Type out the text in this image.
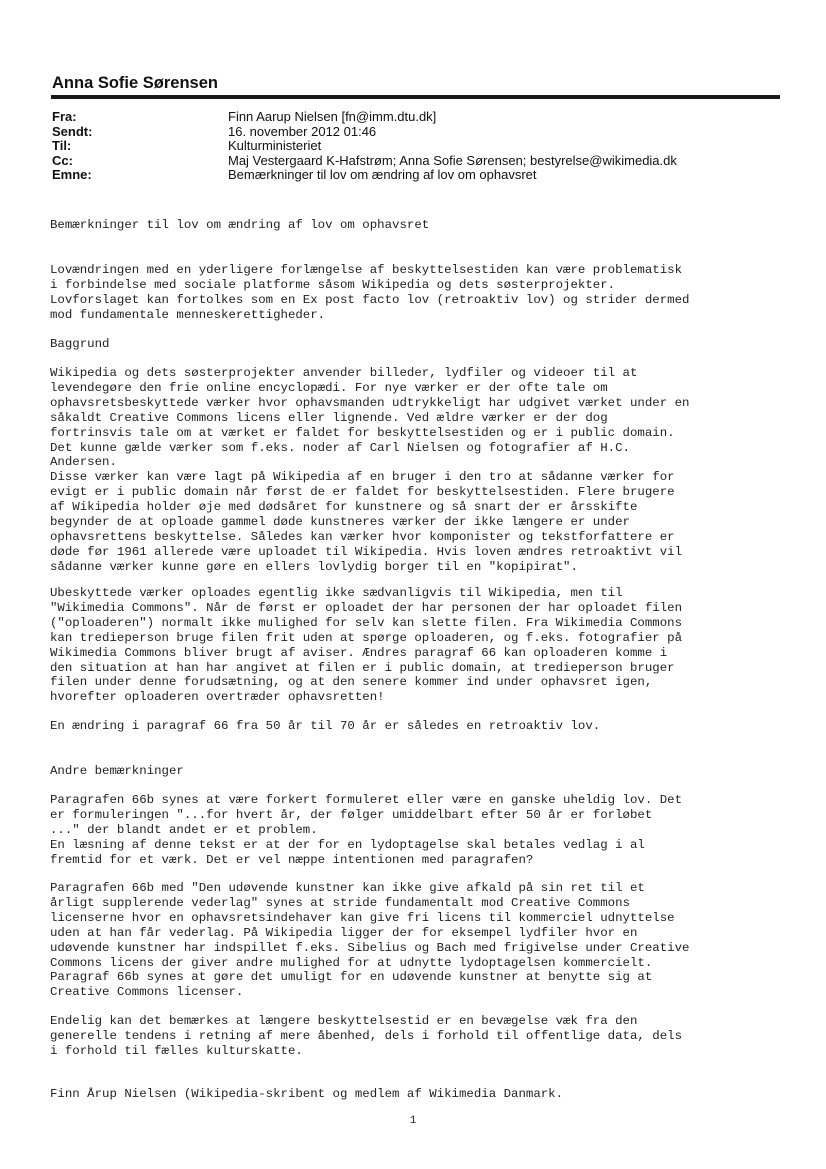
Anna Sofie Sørensen
Fra:	Finn Aarup Nielsen [fn@imm.dtu.dk]
Sendt:	16. november 2012 01:46
Til:	Kulturministeriet
Cc:	Maj Vestergaard K-Hafstrøm; Anna Sofie Sørensen; bestyrelse@wikimedia.dk
Emne:	Bemærkninger til lov om ændring af lov om ophavsret

Bemærkninger til lov om ændring af lov om ophavsret

Lovændringen med en yderligere forlængelse af beskyttelsestiden kan være problematisk
i forbindelse med sociale platforme såsom Wikipedia og dets søsterprojekter.
Lovforslaget kan fortolkes som en Ex post facto lov (retroaktiv lov) og strider dermed
mod fundamentale menneskerettigheder.

Baggrund

Wikipedia og dets søsterprojekter anvender billeder, lydfiler og videoer til at
levendegøre den frie online encyclopædi. For nye værker er der ofte tale om
ophavsretsbeskyttede værker hvor ophavsmanden udtrykkeligt har udgivet værket under en
såkaldt Creative Commons licens eller lignende. Ved ældre værker er der dog
fortrinsvis tale om at værket er faldet for beskyttelsestiden og er i public domain.
Det kunne gælde værker som f.eks. noder af Carl Nielsen og fotografier af H.C.
Andersen.
Disse værker kan være lagt på Wikipedia af en bruger i den tro at sådanne værker for
evigt er i public domain når først de er faldet for beskyttelsestiden. Flere brugere
af Wikipedia holder øje med dødsåret for kunstnere og så snart der er årsskifte
begynder de at oploade gammel døde kunstneres værker der ikke længere er under
ophavsrettens beskyttelse. Således kan værker hvor komponister og tekstforfattere er
døde før 1961 allerede være uploadet til Wikipedia. Hvis loven ændres retroaktivt vil
sådanne værker kunne gøre en ellers lovlydig borger til en "kopipirat".

Ubeskyttede værker oploades egentlig ikke sædvanligvis til Wikipedia, men til
"Wikimedia Commons". Når de først er oploadet der har personen der har oploadet filen
("oploaderen") normalt ikke mulighed for selv kan slette filen. Fra Wikimedia Commons
kan tredieperson bruge filen frit uden at spørge oploaderen, og f.eks. fotografier på
Wikimedia Commons bliver brugt af aviser. Ændres paragraf 66 kan oploaderen komme i
den situation at han har angivet at filen er i public domain, at tredieperson bruger
filen under denne forudsætning, og at den senere kommer ind under ophavsret igen,
hvorefter oploaderen overtræder ophavsretten!

En ændring i paragraf 66 fra 50 år til 70 år er således en retroaktiv lov.

Andre bemærkninger

Paragrafen 66b synes at være forkert formuleret eller være en ganske uheldig lov. Det
er formuleringen "...for hvert år, der følger umiddelbart efter 50 år er forløbet
..." der blandt andet er et problem.
En læsning af denne tekst er at der for en lydoptagelse skal betales vedlag i al
fremtid for et værk. Det er vel næppe intentionen med paragrafen?

Paragrafen 66b med "Den udøvende kunstner kan ikke give afkald på sin ret til et
årligt supplerende vederlag" synes at stride fundamentalt mod Creative Commons
licenserne hvor en ophavsretsindehaver kan give fri licens til kommerciel udnyttelse
uden at han får vederlag. På Wikipedia ligger der for eksempel lydfiler hvor en
udøvende kunstner har indspillet f.eks. Sibelius og Bach med frigivelse under Creative
Commons licens der giver andre mulighed for at udnytte lydoptagelsen kommercielt.
Paragraf 66b synes at gøre det umuligt for en udøvende kunstner at benytte sig at
Creative Commons licenser.

Endelig kan det bemærkes at længere beskyttelsestid er en bevægelse væk fra den
generelle tendens i retning af mere åbenhed, dels i forhold til offentlige data, dels
i forhold til fælles kulturskatte.

Finn Årup Nielsen (Wikipedia-skribent og medlem af Wikimedia Danmark.

1
